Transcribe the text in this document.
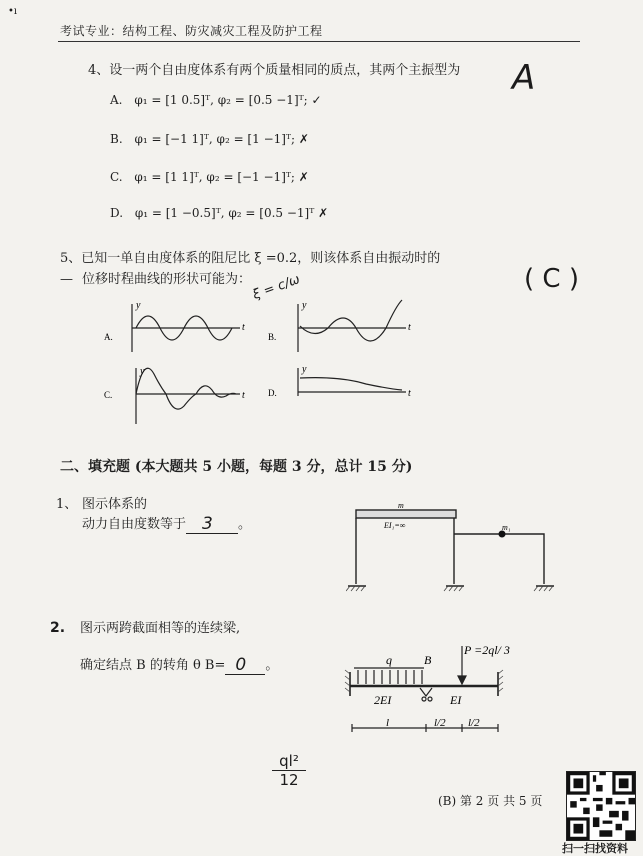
•ı
考试专业：结构工程、防灾减灾工程及防护工程
4、设一两个自由度体系有两个质量相同的质点，其两个主振型为 A
A. φ₁ = [1 0.5]ᵀ, φ₂ = [0.5 −1]ᵀ; ✓
B. φ₁ = [−1 1]ᵀ, φ₂ = [1 −1]ᵀ; ✗
C. φ₁ = [1 1]ᵀ, φ₂ = [−1 −1]ᵀ; ✗
D. φ₁ = [1 −0.5]ᵀ, φ₂ = [0.5 −1]ᵀ ✗
5、已知一单自由度体系的阻尼比 ξ =0.2，则该体系自由振动时的
— 位移时程曲线的形状可能为：	( C )
ξ = c/ω
A.
y
t
B.
y
t
C.
y
t	D.
y
t
二、填充题 (本大题共 5 小题，每题 3 分，总计 15 分)
1、 图示体系的
动力自由度数等于 3 。
m
EI₁=∞	m₁
2. 图示两跨截面相等的连续梁,
确定结点 B 的转角 θ B= 0 。
P =2ql/ 3
q	B
2EI	EI
l	l/2 l/2
ql²
12
(B) 第 2 页 共 5 页
扫一扫找资料
